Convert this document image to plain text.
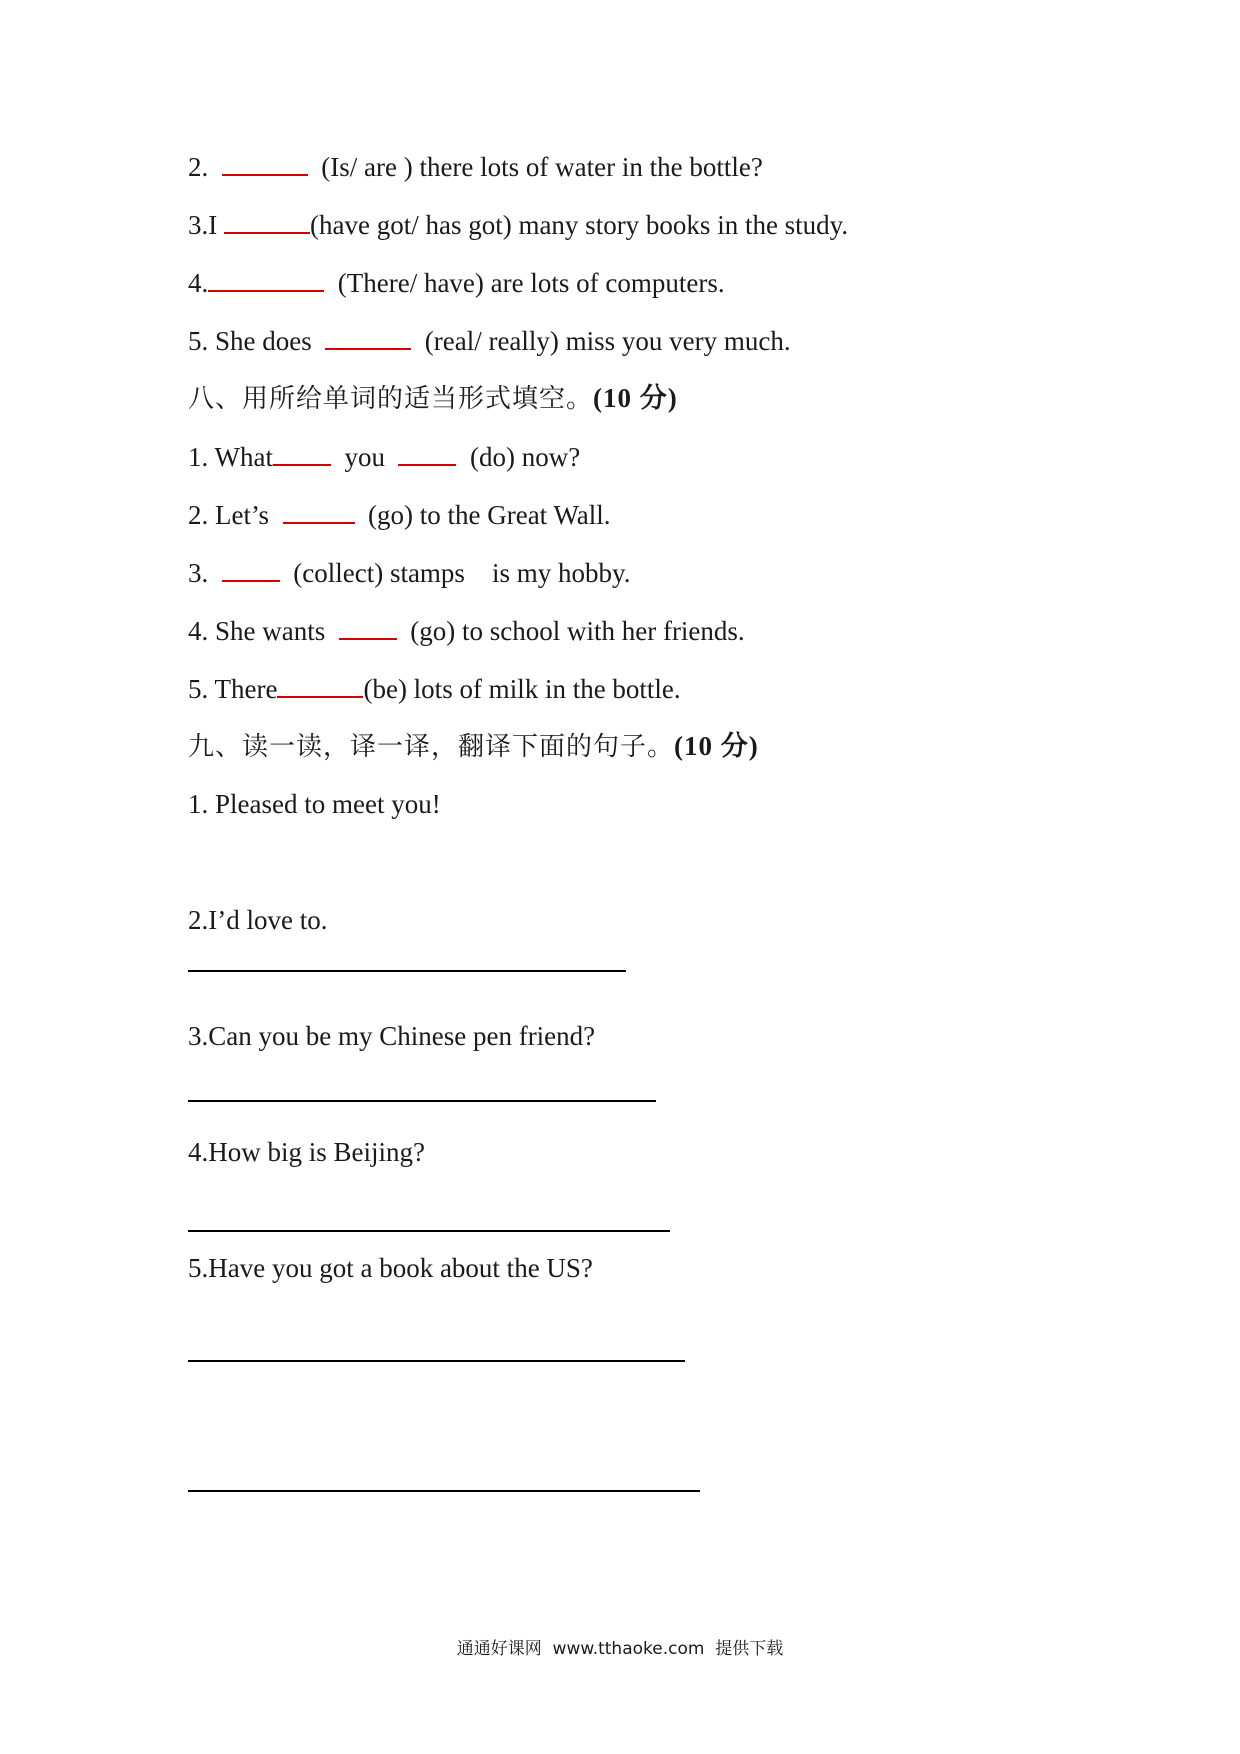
2.	(Is/ are ) there lots of water in the bottle?
3.I	(have got/ has got) many story books in the study.
4.	(There/ have) are lots of computers.
5. She does	(real/ really) miss you very much.
八、用所给单词的适当形式填空。(10 分)
1. What	you	(do) now?
2. Let’s	(go) to the Great Wall.
3.	(collect) stamps    is my hobby.
4. She wants	(go) to school with her friends.
5. There	(be) lots of milk in the bottle.
九、读一读，译一译，翻译下面的句子。(10 分)
1. Pleased to meet you!
2.I’d love to.
3.Can you be my Chinese pen friend?
4.How big is Beijing?
5.Have you got a book about the US?
通通好课网  www.tthaoke.com  提供下载
